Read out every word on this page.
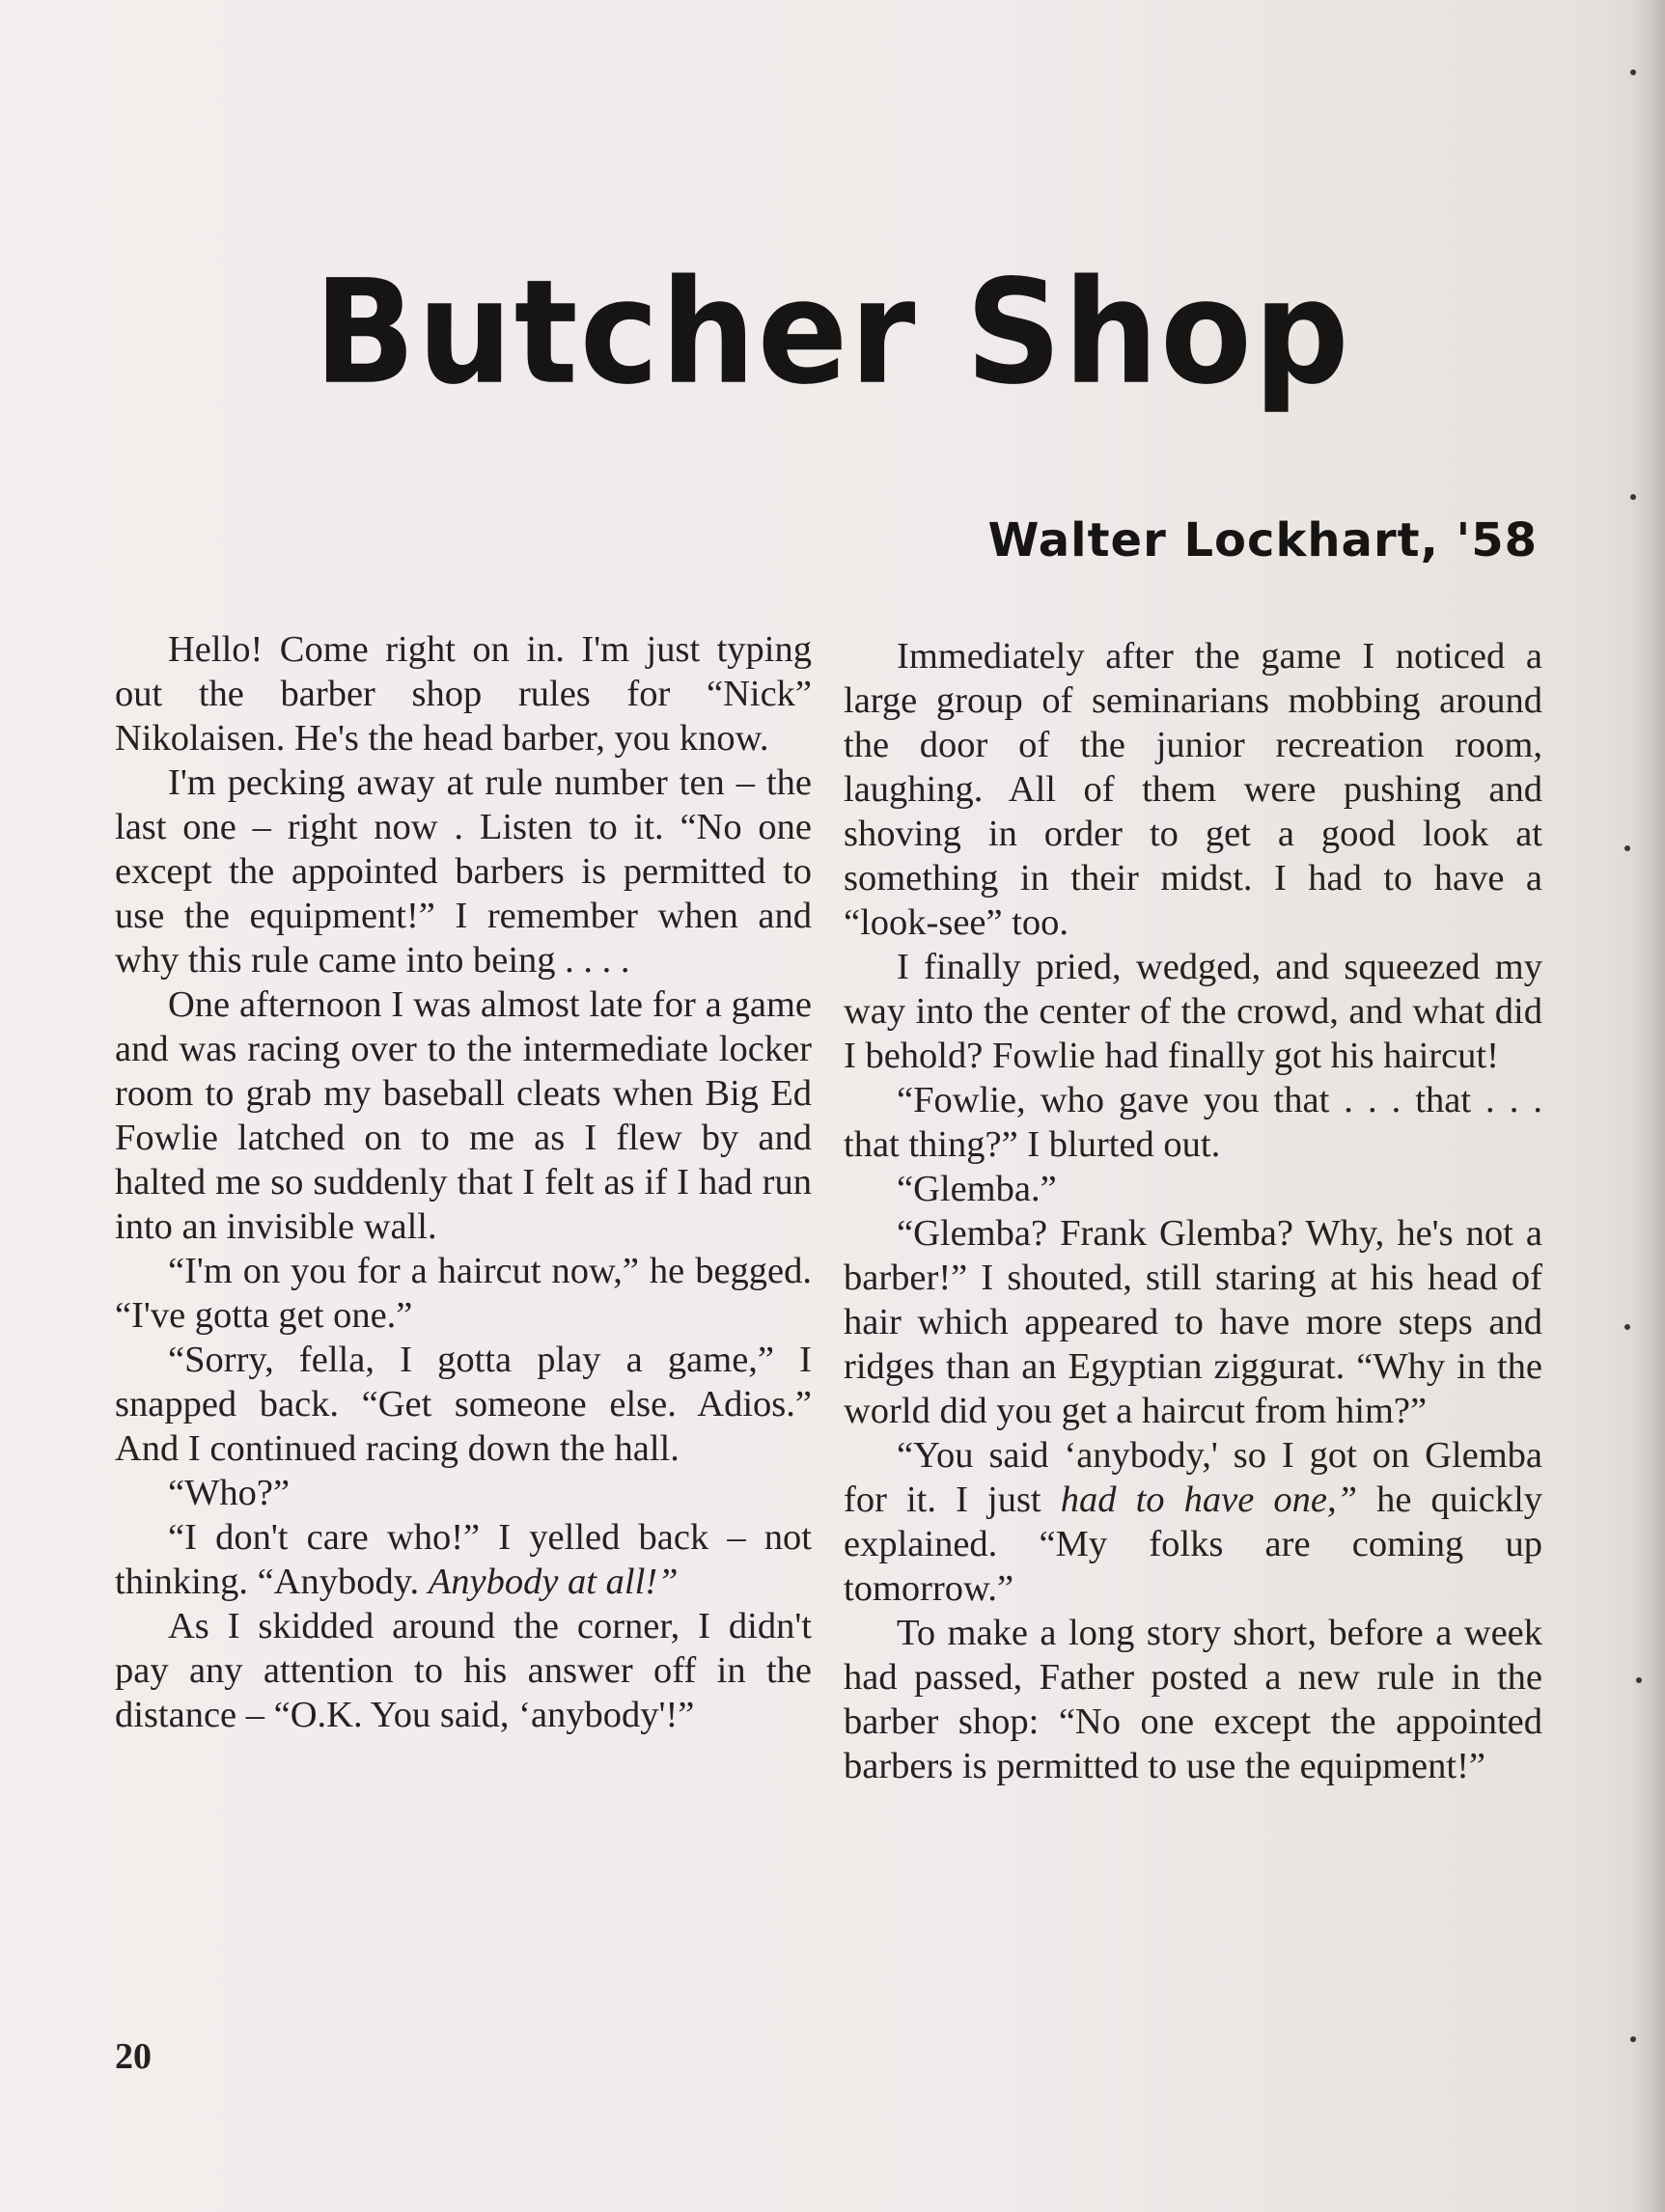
Butcher Shop
Walter Lockhart, '58

Hello! Come right on in. I'm just typing out the barber shop rules for “Nick” Nikolaisen. He's the head barber, you know.

I'm pecking away at rule number ten – the last one – right now . Listen to it. “No one except the appointed barbers is permitted to use the equipment!” I remember when and why this rule came into being . . . .

One afternoon I was almost late for a game and was racing over to the intermediate locker room to grab my baseball cleats when Big Ed Fowlie latched on to me as I flew by and halted me so suddenly that I felt as if I had run into an invisible wall.

“I'm on you for a haircut now,” he begged. “I've gotta get one.”

“Sorry, fella, I gotta play a game,” I snapped back. “Get someone else. Adios.” And I continued racing down the hall.

“Who?”

“I don't care who!” I yelled back – not thinking. “Anybody. Anybody at all!”

As I skidded around the corner, I didn't pay any attention to his answer off in the distance – “O.K. You said, ‘anybody'!”

Immediately after the game I noticed a large group of seminarians mobbing around the door of the junior recreation room, laughing. All of them were pushing and shoving in order to get a good look at something in their midst. I had to have a “look-see” too.

I finally pried, wedged, and squeezed my way into the center of the crowd, and what did I behold? Fowlie had finally got his haircut!

“Fowlie, who gave you that . . . that . . . that thing?” I blurted out.

“Glemba.”

“Glemba? Frank Glemba? Why, he's not a barber!” I shouted, still staring at his head of hair which appeared to have more steps and ridges than an Egyptian ziggurat. “Why in the world did you get a haircut from him?”

“You said ‘anybody,' so I got on Glemba for it. I just had to have one,” he quickly explained. “My folks are coming up tomorrow.”

To make a long story short, before a week had passed, Father posted a new rule in the barber shop: “No one except the appointed barbers is permitted to use the equipment!”

20
